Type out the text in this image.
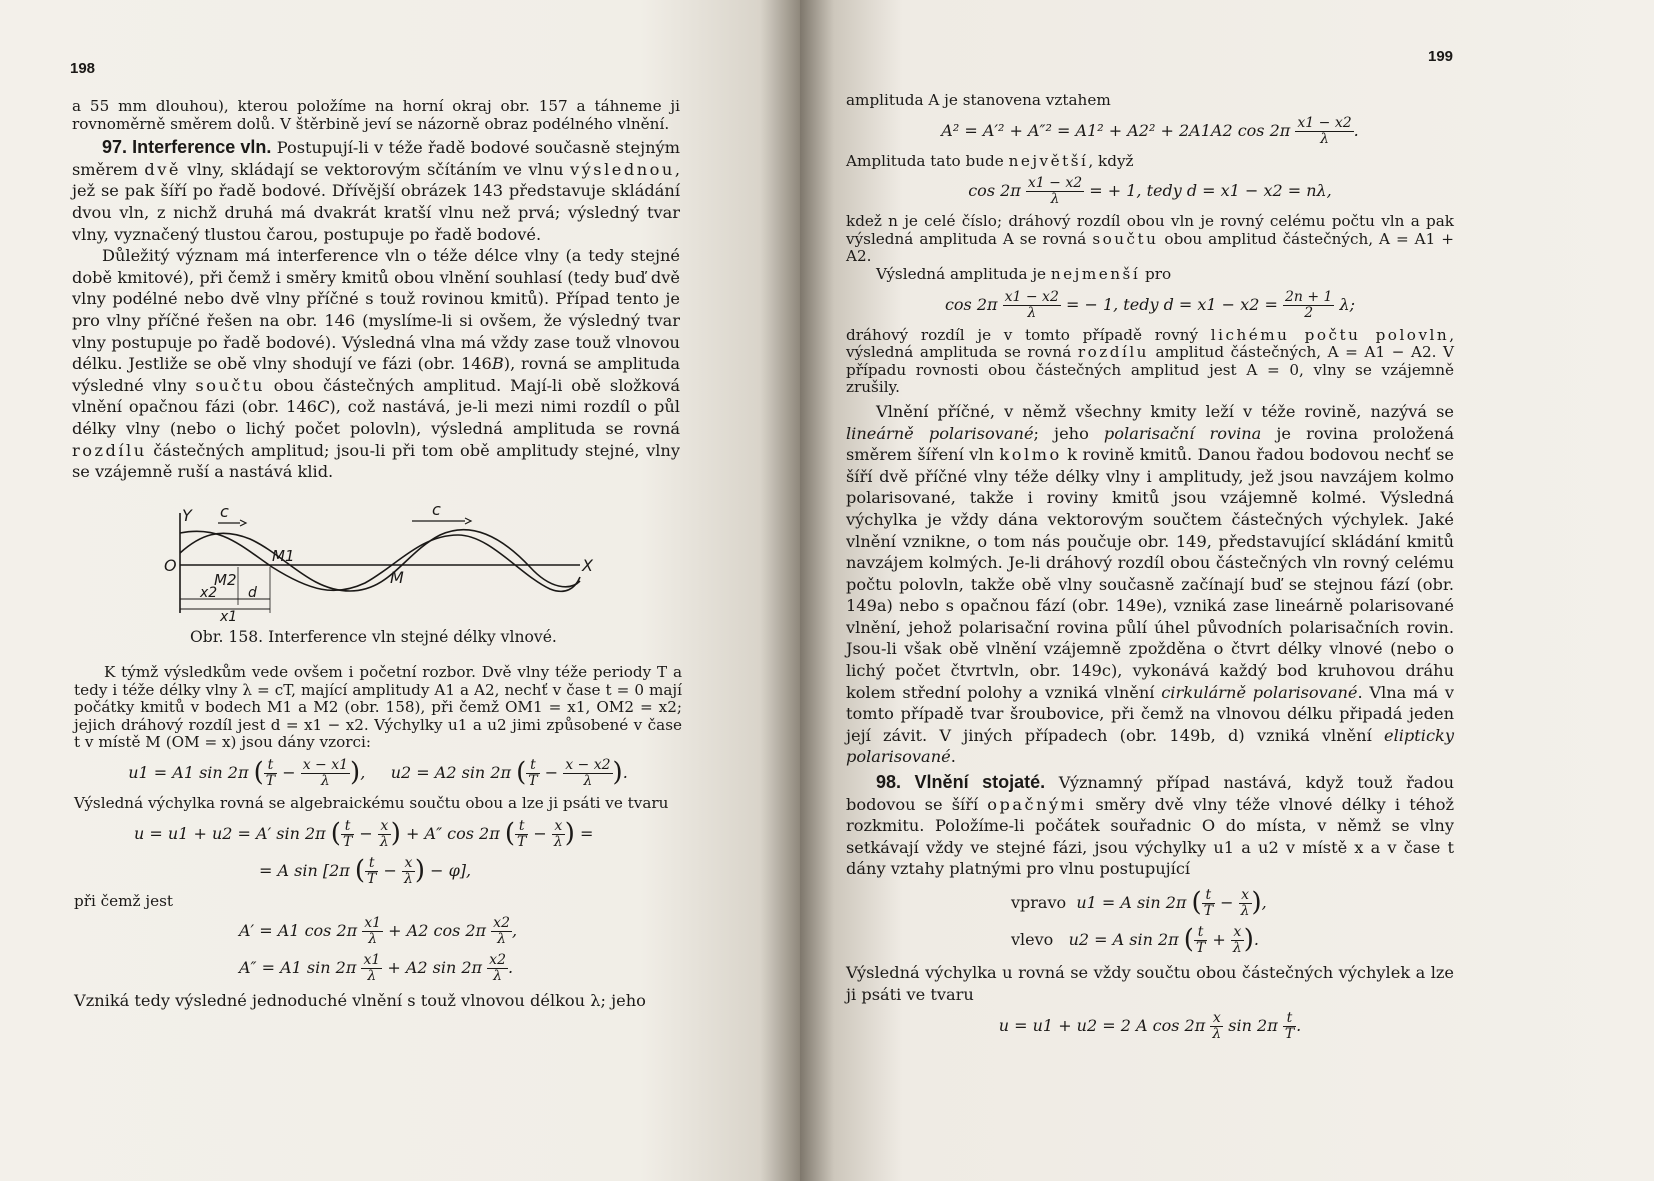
198

a 55 mm dlouhou), kterou položíme na horní okraj obr. 157 a táhneme ji rovnoměrně směrem dolů. V štěrbině jeví se názorně obraz podélného vlnění.

97. Interference vln. Postupují-li v téže řadě bodové současně stejným směrem dvě vlny, skládají se vektorovým sčítáním ve vlnu výslednou, jež se pak šíří po řadě bodové. Dřívější obrázek 143 představuje skládání dvou vln, z nichž druhá má dvakrát kratší vlnu než prvá; výsledný tvar vlny, vyznačený tlustou čarou, postupuje po řadě bodové.

Důležitý význam má interference vln o téže délce vlny (a tedy stejné době kmitové), při čemž i směry kmitů obou vlnění souhlasí (tedy buď dvě vlny podélné nebo dvě vlny příčné s touž rovinou kmitů). Případ tento je pro vlny příčné řešen na obr. 146 (myslíme-li si ovšem, že výsledný tvar vlny postupuje po řadě bodové). Výsledná vlna má vždy zase touž vlnovou délku. Jestliže se obě vlny shodují ve fázi (obr. 146B), rovná se amplituda výsledné vlny součtu obou částečných amplitud. Mají-li obě složková vlnění opačnou fázi (obr. 146C), což nastává, je-li mezi nimi rozdíl o půl délky vlny (nebo o lichý počet polovln), výsledná amplituda se rovná rozdílu částečných amplitud; jsou-li při tom obě amplitudy stejné, vlny se vzájemně ruší a nastává klid.

Y c	c
O	X
M1
M2	M
x2 d
x1
Obr. 158. Interference vln stejné délky vlnové.

K týmž výsledkům vede ovšem i početní rozbor. Dvě vlny téže periody T a tedy i téže délky vlny λ = cT, mající amplitudy A1 a A2, nechť v čase t = 0 mají počátky kmitů v bodech M1 a M2 (obr. 158), při čemž OM1 = x1, OM2 = x2; jejich dráhový rozdíl jest d = x1 − x2. Výchylky u1 a u2 jimi způsobené v čase t v místě M (OM = x) jsou dány vzorci:

u1 = A1 sin 2π ( $\frac{t}{T} - \frac{x - x1}{\lambda}$ ), u2 = A2 sin 2π ( $\frac{t}{T} - \frac{x - x2}{\lambda}$ ).

Výsledná výchylka rovná se algebraickému součtu obou a lze ji psáti ve tvaru

u = u1 + u2 = A′ sin 2π ( $\frac{t}{T} - \frac{x}{\lambda}$ ) + A″ cos 2π ( $\frac{t}{T} - \frac{x}{\lambda}$ ) =
= A sin [2π ( $\frac{t}{T} - \frac{x}{\lambda}$ ) − φ],

při čemž jest

A′ = A1 $\cos 2\pi \frac{x1}{\lambda} + A2$ $\cos 2\pi \frac{x2}{\lambda}$ ,
A″ = A1 $\sin 2\pi \frac{x1}{\lambda} + A2$ $\sin 2\pi \frac{x2}{\lambda}$ .

Vzniká tedy výsledné jednoduché vlnění s touž vlnovou délkou λ; jeho

199

amplituda A je stanovena vztahem

A² = A′² + A″² = A1² + A2² + 2A1A2 $\cos 2\pi \frac{x1 - x2}{\lambda}$ .

Amplituda tato bude největší, když

$\cos 2\pi \frac{x1 - x2}{\lambda}$ = + 1, tedy d = x1 − x2 = nλ,

kdež n je celé číslo; dráhový rozdíl obou vln je rovný celému počtu vln a pak výsledná amplituda A se rovná součtu obou amplitud částečných, A = A1 + A2.

Výsledná amplituda je nejmenší pro

$\cos 2\pi \frac{x1 - x2}{\lambda}$ = − 1, tedy $d = x1 - x2 = \frac{2n + 1}{2} \lambda$;

dráhový rozdíl je v tomto případě rovný lichému počtu polovln, výsledná amplituda se rovná rozdílu amplitud částečných, A = A1 − A2. V případu rovnosti obou částečných amplitud jest A = 0, vlny se vzájemně zrušily.

Vlnění příčné, v němž všechny kmity leží v téže rovině, nazývá se lineárně polarisované; jeho polarisační rovina je rovina proložená směrem šíření vln kolmo k rovině kmitů. Danou řadou bodovou nechť se šíří dvě příčné vlny téže délky vlny i amplitudy, jež jsou navzájem kolmo polarisované, takže i roviny kmitů jsou vzájemně kolmé. Výsledná výchylka je vždy dána vektorovým součtem částečných výchylek. Jaké vlnění vznikne, o tom nás poučuje obr. 149, představující skládání kmitů navzájem kolmých. Je-li dráhový rozdíl obou částečných vln rovný celému počtu polovln, takže obě vlny současně začínají buď se stejnou fází (obr. 149a) nebo s opačnou fází (obr. 149e), vzniká zase lineárně polarisované vlnění, jehož polarisační rovina půlí úhel původních polarisačních rovin. Jsou-li však obě vlnění vzájemně zpožděna o čtvrt délky vlnové (nebo o lichý počet čtvrtvln, obr. 149c), vykonává každý bod kruhovou dráhu kolem střední polohy a vzniká vlnění cirkulárně polarisované. Vlna má v tomto případě tvar šroubovice, při čemž na vlnovou délku připadá jeden její závit. V jiných případech (obr. 149b, d) vzniká vlnění elipticky polarisované.

98. Vlnění stojaté. Významný případ nastává, když touž řadou bodovou se šíří opačnými směry dvě vlny téže vlnové délky i téhož rozkmitu. Položíme-li počátek souřadnic O do místa, v němž se vlny setkávají vždy ve stejné fázi, jsou výchylky u1 a u2 v místě x a v čase t dány vztahy platnými pro vlnu postupující

vpravo u1 = A sin 2π ( $\frac{t}{T} - \frac{x}{\lambda}$ ),
vlevo u2 = A sin 2π ( $\frac{t}{T} + \frac{x}{\lambda}$ ).

Výsledná výchylka u rovná se vždy součtu obou částečných výchylek a lze ji psáti ve tvaru

u = u1 + u2 = 2 A $\cos 2\pi \frac{x}{\lambda}$ $\sin 2\pi \frac{t}{T}$ .
